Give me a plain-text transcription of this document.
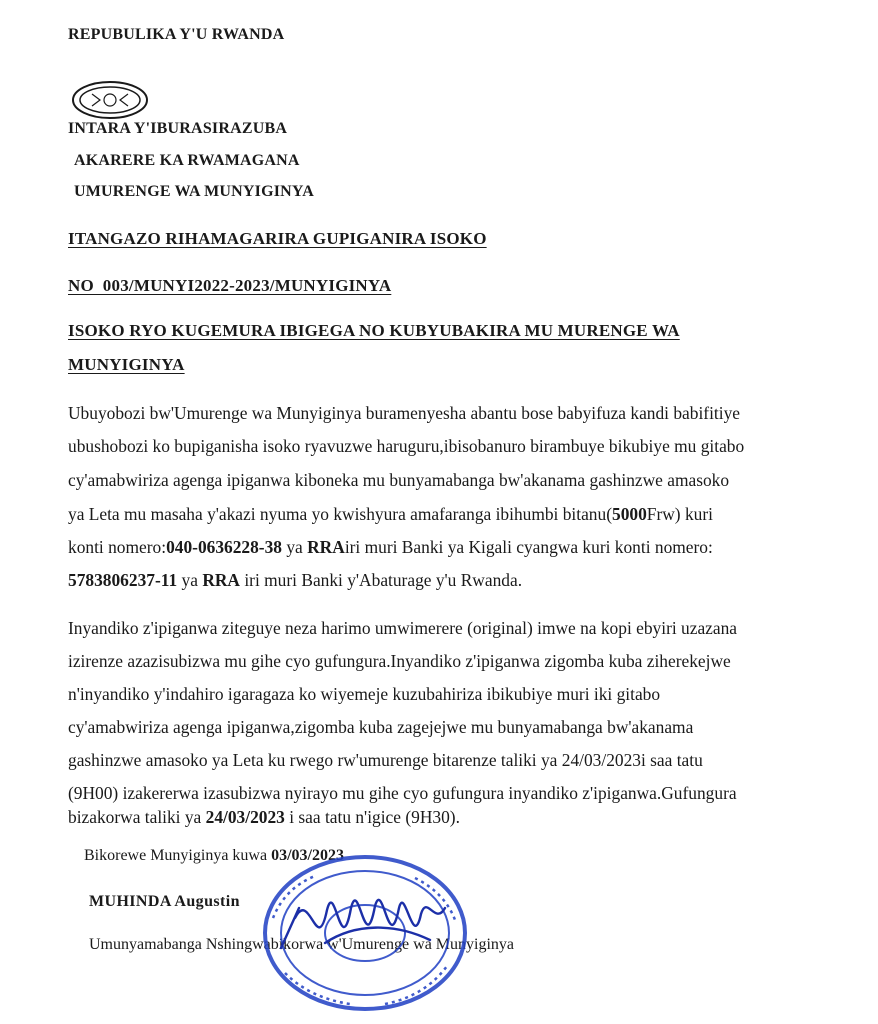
REPUBULIKA Y'U RWANDA
INTARA Y'IBURASIRAZUBA
AKARERE KA RWAMAGANA
UMURENGE WA MUNYIGINYA
ITANGAZO RIHAMAGARIRA GUPIGANIRA ISOKO
NO  003/MUNYI2022-2023/MUNYIGINYA
ISOKO RYO KUGEMURA IBIGEGA NO KUBYUBAKIRA MU MURENGE WA
MUNYIGINYA
Ubuyobozi bw'Umurenge wa Munyiginya buramenyesha abantu bose babyifuza kandi babifitiye
ubushobozi ko bupiganisha isoko ryavuzwe haruguru,ibisobanuro birambuye bikubiye mu gitabo
cy'amabwiriza agenga ipiganwa kiboneka mu bunyamabanga bw'akanama gashinzwe amasoko
ya Leta mu masaha y'akazi nyuma yo kwishyura amafaranga ibihumbi bitanu(5000Frw) kuri
konti nomero:040-0636228-38 ya RRAiri muri Banki ya Kigali cyangwa kuri konti nomero:
5783806237-11 ya RRA iri muri Banki y'Abaturage y'u Rwanda.
Inyandiko z'ipiganwa ziteguye neza harimo umwimerere (original) imwe na kopi ebyiri uzazana
izirenze azazisubizwa mu gihe cyo gufungura.Inyandiko z'ipiganwa zigomba kuba ziherekejwe
n'inyandiko y'indahiro igaragaza ko wiyemeje kuzubahiriza ibikubiye muri iki gitabo
cy'amabwiriza agenga ipiganwa,zigomba kuba zagejejwe mu bunyamabanga bw'akanama
gashinzwe amasoko ya Leta ku rwego rw'umurenge bitarenze taliki ya 24/03/2023i saa tatu
(9H00) izakererwa izasubizwa nyirayo mu gihe cyo gufungura inyandiko z'ipiganwa.Gufungura
bizakorwa taliki ya 24/03/2023 i saa tatu n'igice (9H30).
Bikorewe Munyiginya kuwa 03/03/2023
MUHINDA Augustin
Umunyamabanga Nshingwabikorwa w'Umurenge wa Munyiginya
